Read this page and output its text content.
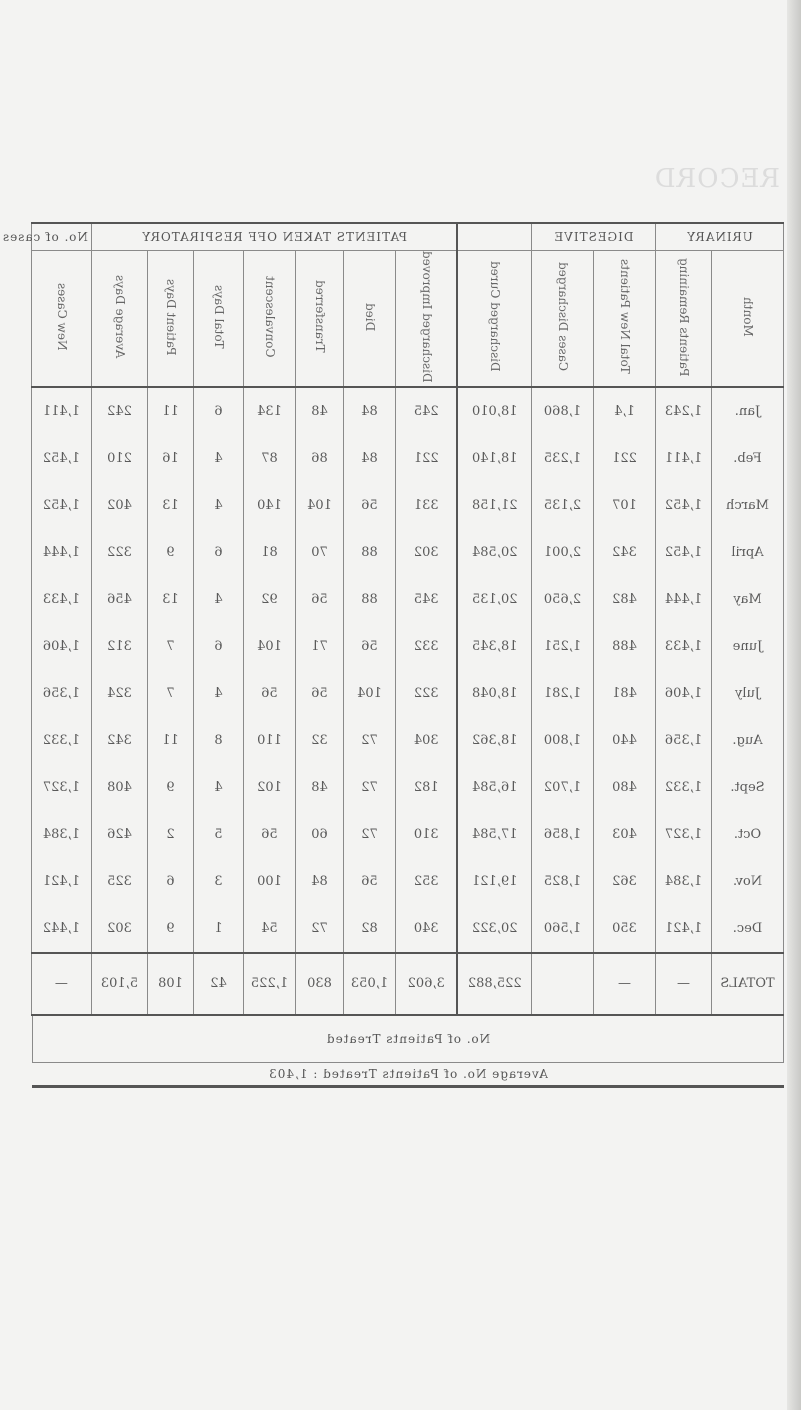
RECORD
URINARY		DIGESTIVE			PATIENTS TAKEN OFF RESPIRATORY							No. of cases
Month	Patients Remaining	Total New Patients	Cases Discharged	Discharged Cured	Discharged Improved	Died	Transferred	Convalescent	Total Days	Patient Days	Average Days	New Cases
Jan.	1,243	1,4	1,860	18,010	245	84	48	134	6	11	242	1,411
Feb.	1,411	221	1,235	18,140	221	84	86	87	4	16	210	1,452
March	1,452	107	2,135	21,158	331	56	104	140	4	13	402	1,452
April	1,452	342	2,001	20,584	302	88	70	81	6	9	322	1,444
May	1,444	482	2,650	20,135	345	88	56	92	4	13	456	1,433
June	1,433	488	1,251	18,345	332	56	71	104	6	7	312	1,406
July	1,406	481	1,281	18,048	322	104	56	56	4	7	324	1,356
Aug.	1,356	440	1,800	18,362	304	72	32	110	8	11	342	1,332
Sept.	1,332	480	1,702	16,584	182	72	48	102	4	9	408	1,327
Oct.	1,327	403	1,856	17,584	310	72	60	56	5	2	426	1,384
Nov.	1,384	362	1,825	19,121	352	56	84	100	3	6	325	1,421
Dec.	1,421	350	1,560	20,322	340	82	72	54	1	9	302	1,442
TOTALS	—	—		225,882	3,602	1,053	830	1,225	42	108	5,103	—
No. of Patients Treated
Average No. of Patients Treated : 1,403
